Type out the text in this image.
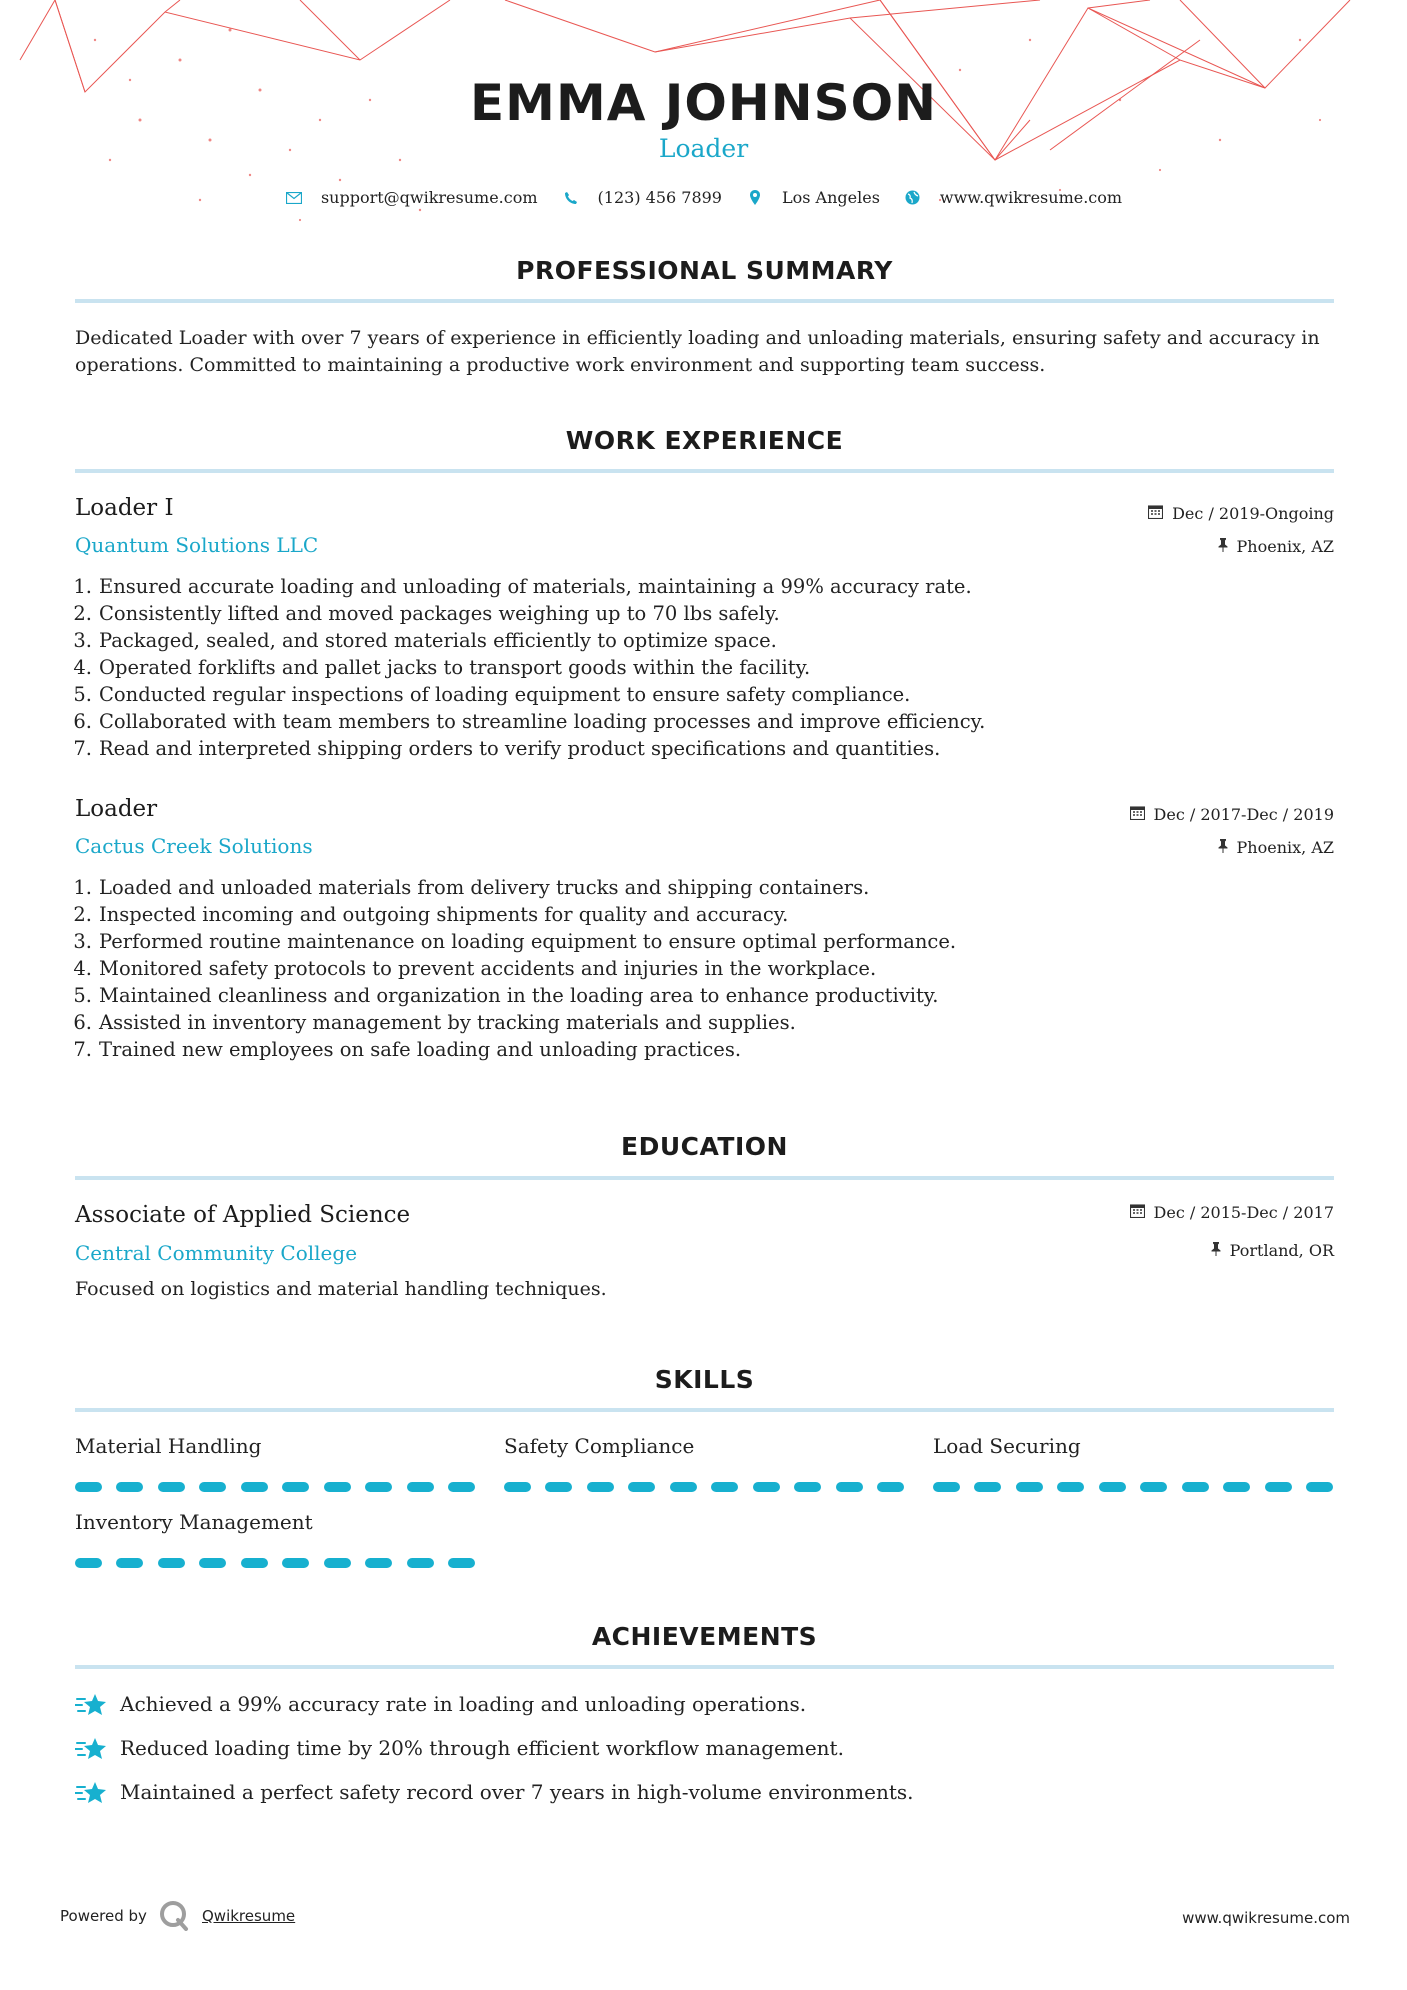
EMMA JOHNSON
Loader
support@qwikresume.com	(123) 456 7899	Los Angeles	www.qwikresume.com
PROFESSIONAL SUMMARY
Dedicated Loader with over 7 years of experience in efficiently loading and unloading materials, ensuring safety and accuracy in operations. Committed to maintaining a productive work environment and supporting team success.
WORK EXPERIENCE
Loader I
Quantum Solutions LLC
Dec / 2019-Ongoing
Phoenix, AZ
1. Ensured accurate loading and unloading of materials, maintaining a 99% accuracy rate.
2. Consistently lifted and moved packages weighing up to 70 lbs safely.
3. Packaged, sealed, and stored materials efficiently to optimize space.
4. Operated forklifts and pallet jacks to transport goods within the facility.
5. Conducted regular inspections of loading equipment to ensure safety compliance.
6. Collaborated with team members to streamline loading processes and improve efficiency.
7. Read and interpreted shipping orders to verify product specifications and quantities.
Loader
Cactus Creek Solutions
Dec / 2017-Dec / 2019
Phoenix, AZ
1. Loaded and unloaded materials from delivery trucks and shipping containers.
2. Inspected incoming and outgoing shipments for quality and accuracy.
3. Performed routine maintenance on loading equipment to ensure optimal performance.
4. Monitored safety protocols to prevent accidents and injuries in the workplace.
5. Maintained cleanliness and organization in the loading area to enhance productivity.
6. Assisted in inventory management by tracking materials and supplies.
7. Trained new employees on safe loading and unloading practices.
EDUCATION
Associate of Applied Science
Central Community College
Dec / 2015-Dec / 2017
Portland, OR
Focused on logistics and material handling techniques.
SKILLS
Material Handling	Safety Compliance	Load Securing
Inventory Management
ACHIEVEMENTS
Achieved a 99% accuracy rate in loading and unloading operations.
Reduced loading time by 20% through efficient workflow management.
Maintained a perfect safety record over 7 years in high-volume environments.
Powered by	Qwikresume	www.qwikresume.com
